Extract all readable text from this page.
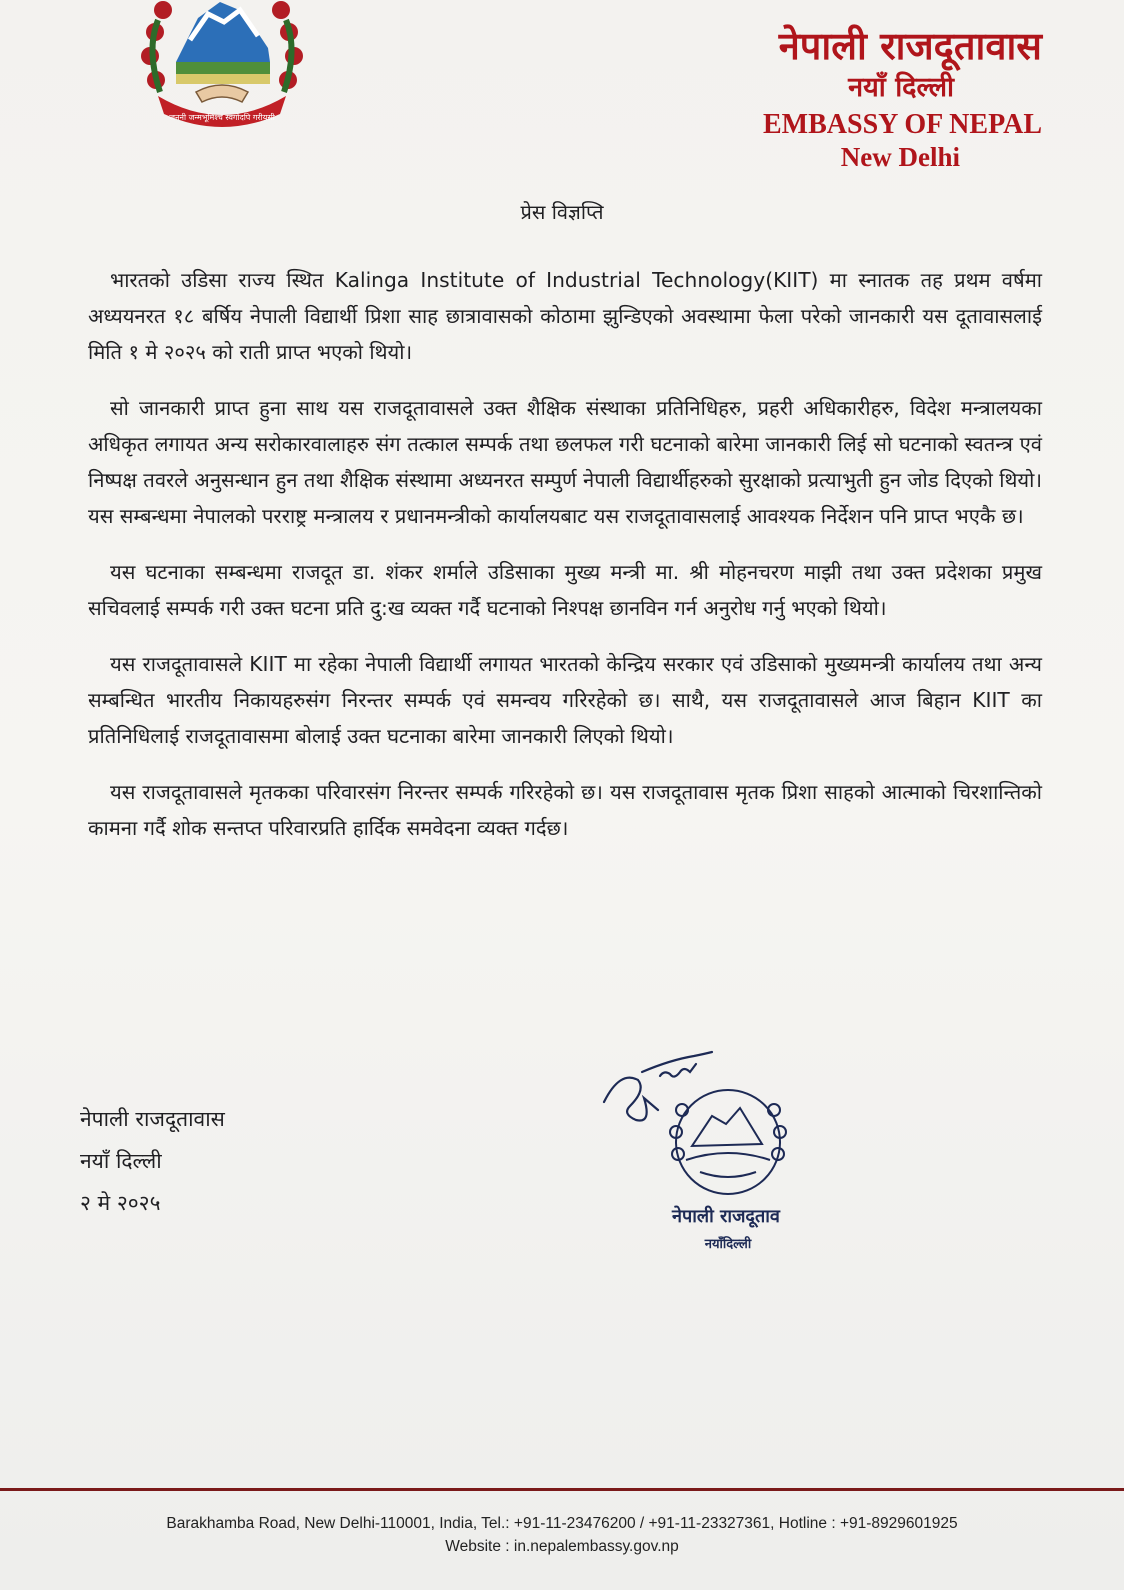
जननी जन्मभूमिश्च स्वर्गादपि गरीयसी
नेपाली राजदूतावास
नयाँ दिल्ली
EMBASSY OF NEPAL
New Delhi
प्रेस विज्ञप्ति

भारतको उडिसा राज्य स्थित Kalinga Institute of Industrial Technology(KIIT) मा स्नातक तह प्रथम वर्षमा अध्ययनरत १८ बर्षिय नेपाली विद्यार्थी प्रिशा साह छात्रावासको कोठामा झुन्डिएको अवस्थामा फेला परेको जानकारी यस दूतावासलाई मिति १ मे २०२५ को राती प्राप्त भएको थियो।

सो जानकारी प्राप्त हुना साथ यस राजदूतावासले उक्त शैक्षिक संस्थाका प्रतिनिधिहरु, प्रहरी अधिकारीहरु, विदेश मन्त्रालयका अधिकृत लगायत अन्य सरोकारवालाहरु संग तत्काल सम्पर्क तथा छलफल गरी घटनाको बारेमा जानकारी लिई सो घटनाको स्वतन्त्र एवं निष्पक्ष तवरले अनुसन्धान हुन तथा शैक्षिक संस्थामा अध्यनरत सम्पुर्ण नेपाली विद्यार्थीहरुको सुरक्षाको प्रत्याभुती हुन जोड दिएको थियो। यस सम्बन्धमा नेपालको परराष्ट्र मन्त्रालय र प्रधानमन्त्रीको कार्यालयबाट यस राजदूतावासलाई आवश्यक निर्देशन पनि प्राप्त भएकै छ।

यस घटनाका सम्बन्धमा राजदूत डा. शंकर शर्माले उडिसाका मुख्य मन्त्री मा. श्री मोहनचरण माझी तथा उक्त प्रदेशका प्रमुख सचिवलाई सम्पर्क गरी उक्त घटना प्रति दु:ख व्यक्त गर्दै घटनाको निश्पक्ष छानविन गर्न अनुरोध गर्नु भएको थियो।

यस राजदूतावासले KIIT मा रहेका नेपाली विद्यार्थी लगायत भारतको केन्द्रिय सरकार एवं उडिसाको मुख्यमन्त्री कार्यालय तथा अन्य सम्बन्धित भारतीय निकायहरुसंग निरन्तर सम्पर्क एवं समन्वय गरिरहेको छ। साथै, यस राजदूतावासले आज बिहान KIIT का प्रतिनिधिलाई राजदूतावासमा बोलाई उक्त घटनाका बारेमा जानकारी लिएको थियो।

यस राजदूतावासले मृतकका परिवारसंग निरन्तर सम्पर्क गरिरहेको छ। यस राजदूतावास मृतक प्रिशा साहको आत्माको चिरशान्तिको कामना गर्दै शोक सन्तप्त परिवारप्रति हार्दिक समवेदना व्यक्त गर्दछ।

नेपाली राजदूतावास
नयाँ दिल्ली
२ मे २०२५
नेपाली राजदूताव
नयाँदिल्ली
Barakhamba Road, New Delhi-110001, India, Tel.: +91-11-23476200 / +91-11-23327361, Hotline : +91-8929601925
Website : in.nepalembassy.gov.np
